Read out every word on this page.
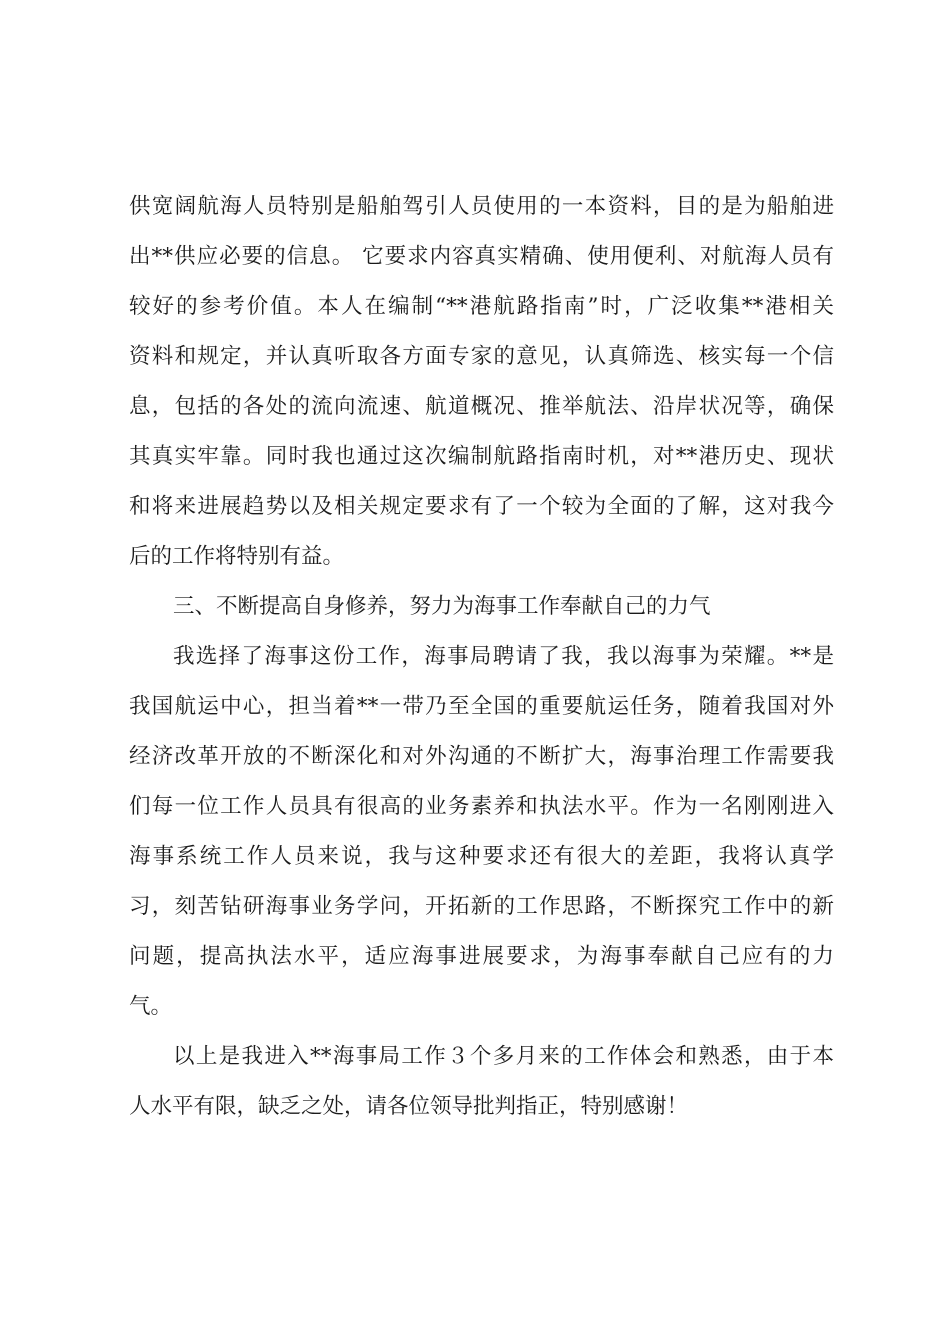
供宽阔航海人员特别是船舶驾引人员使用的一本资料，目的是为船舶进
出**供应必要的信息。 它要求内容真实精确、使用便利、对航海人员有
较好的参考价值。本人在编制“**港航路指南”时，广泛收集**港相关
资料和规定，并认真听取各方面专家的意见，认真筛选、核实每一个信
息，包括的各处的流向流速、航道概况、推举航法、沿岸状况等，确保
其真实牢靠。同时我也通过这次编制航路指南时机，对**港历史、现状
和将来进展趋势以及相关规定要求有了一个较为全面的了解，这对我今
后的工作将特别有益。
三、不断提高自身修养，努力为海事工作奉献自己的力气
我选择了海事这份工作，海事局聘请了我，我以海事为荣耀。**是
我国航运中心，担当着**一带乃至全国的重要航运任务，随着我国对外
经济改革开放的不断深化和对外沟通的不断扩大，海事治理工作需要我
们每一位工作人员具有很高的业务素养和执法水平。作为一名刚刚进入
海事系统工作人员来说，我与这种要求还有很大的差距，我将认真学
习，刻苦钻研海事业务学问，开拓新的工作思路，不断探究工作中的新
问题，提高执法水平，适应海事进展要求，为海事奉献自己应有的力
气。
以上是我进入**海事局工作３个多月来的工作体会和熟悉，由于本
人水平有限，缺乏之处，请各位领导批判指正，特别感谢！
